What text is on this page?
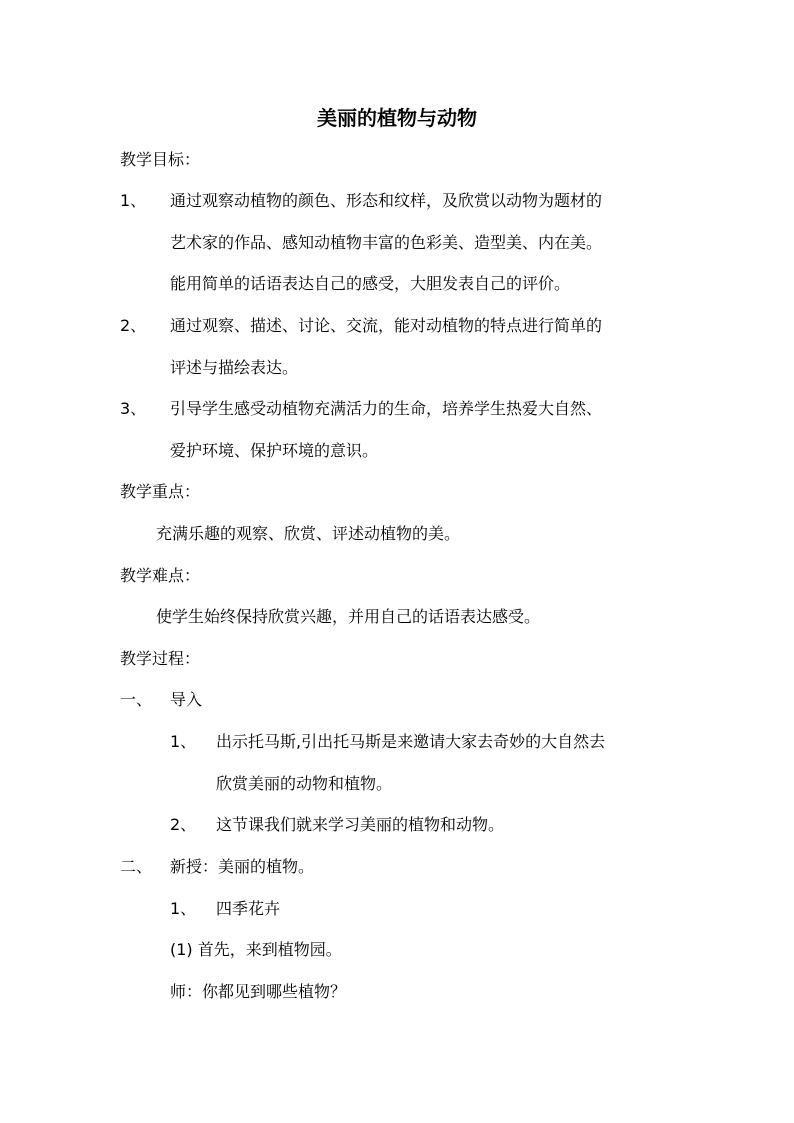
美丽的植物与动物
教学目标：
1、 通过观察动植物的颜色、形态和纹样，及欣赏以动物为题材的
艺术家的作品、感知动植物丰富的色彩美、造型美、内在美。
能用简单的话语表达自己的感受，大胆发表自己的评价。
2、 通过观察、描述、讨论、交流，能对动植物的特点进行简单的
评述与描绘表达。
3、 引导学生感受动植物充满活力的生命，培养学生热爱大自然、
爱护环境、保护环境的意识。
教学重点：
充满乐趣的观察、欣赏、评述动植物的美。
教学难点：
使学生始终保持欣赏兴趣，并用自己的话语表达感受。
教学过程：
一、 导入
1、 出示托马斯,引出托马斯是来邀请大家去奇妙的大自然去
欣赏美丽的动物和植物。
2、 这节课我们就来学习美丽的植物和动物。
二、 新授：美丽的植物。
1、 四季花卉
(1) 首先，来到植物园。
师：你都见到哪些植物？
